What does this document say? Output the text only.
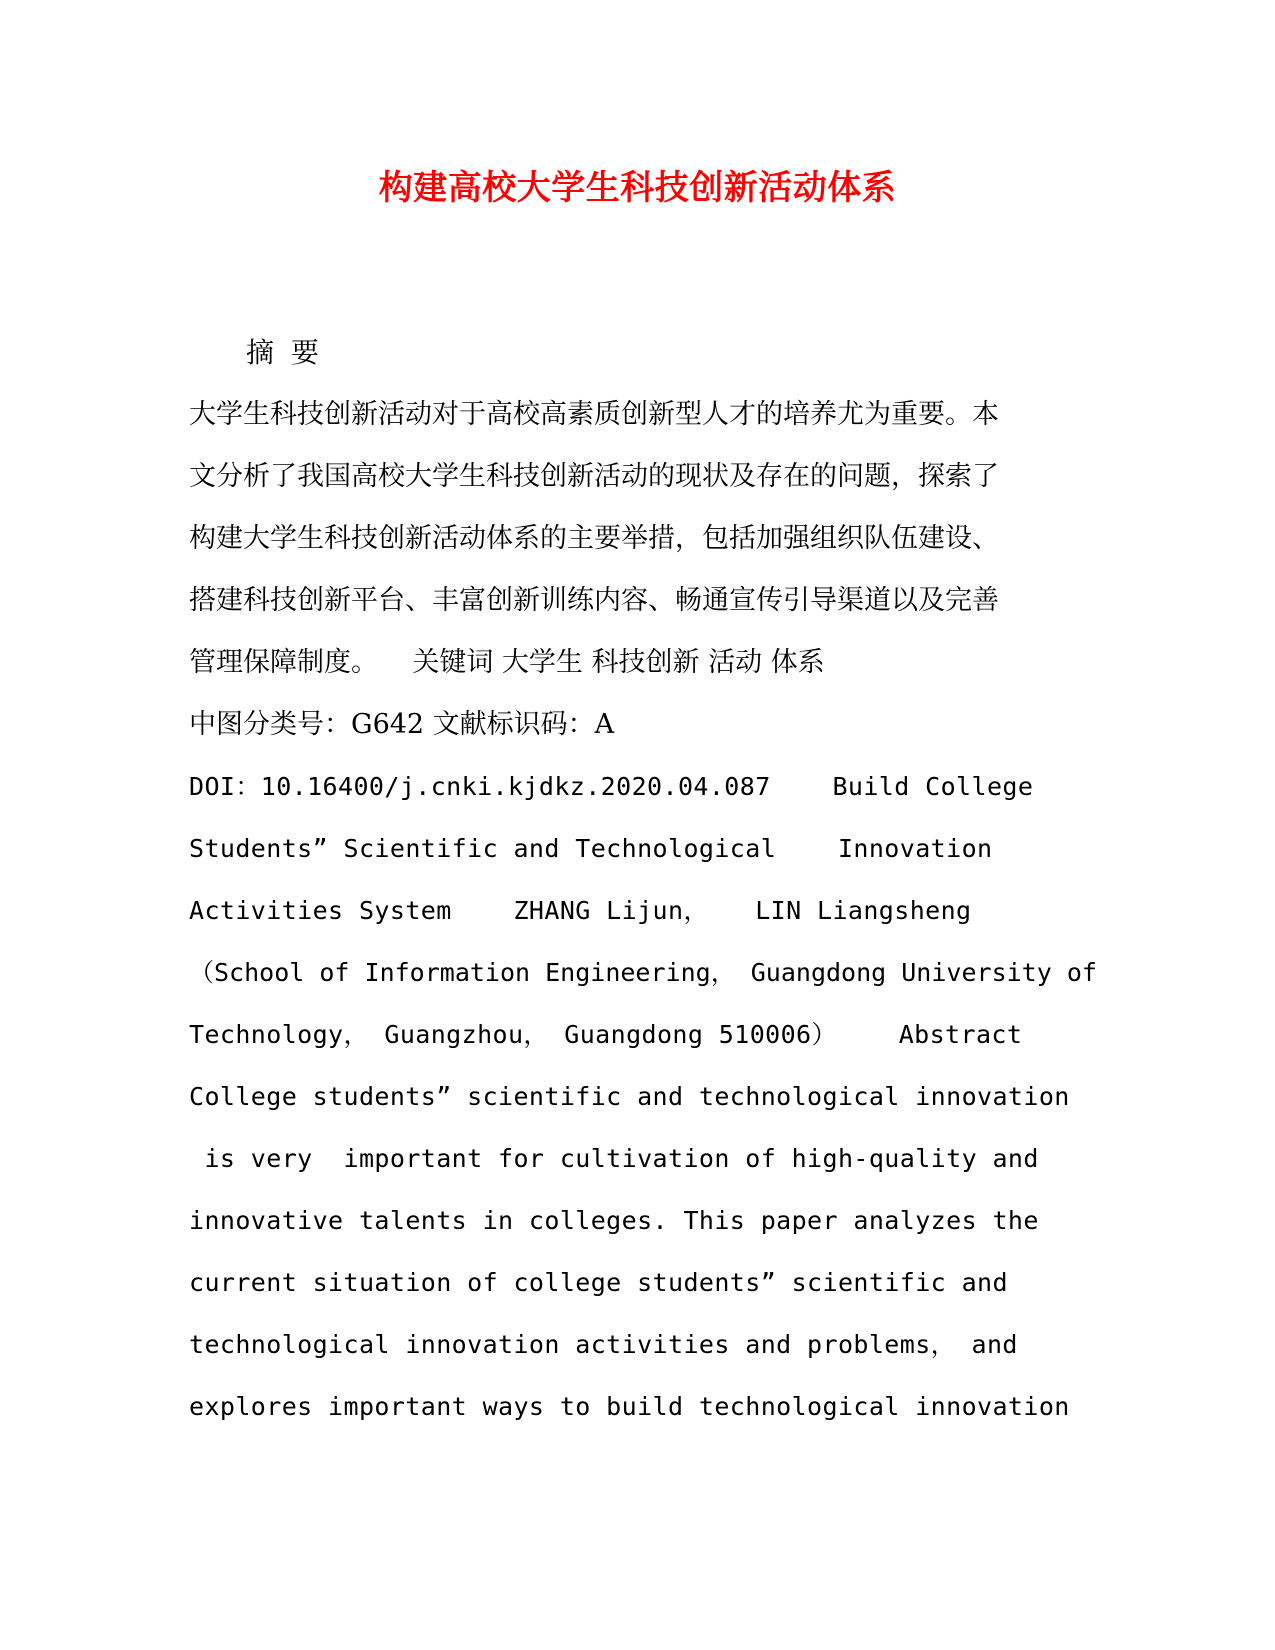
构建高校大学生科技创新活动体系
摘 要
大学生科技创新活动对于高校高素质创新型人才的培养尤为重要。本
文分析了我国高校大学生科技创新活动的现状及存在的问题，探索了
构建大学生科技创新活动体系的主要举措，包括加强组织队伍建设、
搭建科技创新平台、丰富创新训练内容、畅通宣传引导渠道以及完善
管理保障制度。    关键词 大学生 科技创新 活动 体系
中图分类号：G642 文献标识码：A
DOI：10.16400/j.cnki.kjdkz.2020.04.087    Build College
Students” Scientific and Technological    Innovation
Activities System    ZHANG Lijun，   LIN Liangsheng
（School of Information Engineering， Guangdong University of
Technology， Guangzhou， Guangdong 510006）    Abstract
College students” scientific and technological innovation
is very  important for cultivation of high-quality and
innovative talents in colleges. This paper analyzes the
current situation of college students” scientific and
technological innovation activities and problems， and
explores important ways to build technological innovation
